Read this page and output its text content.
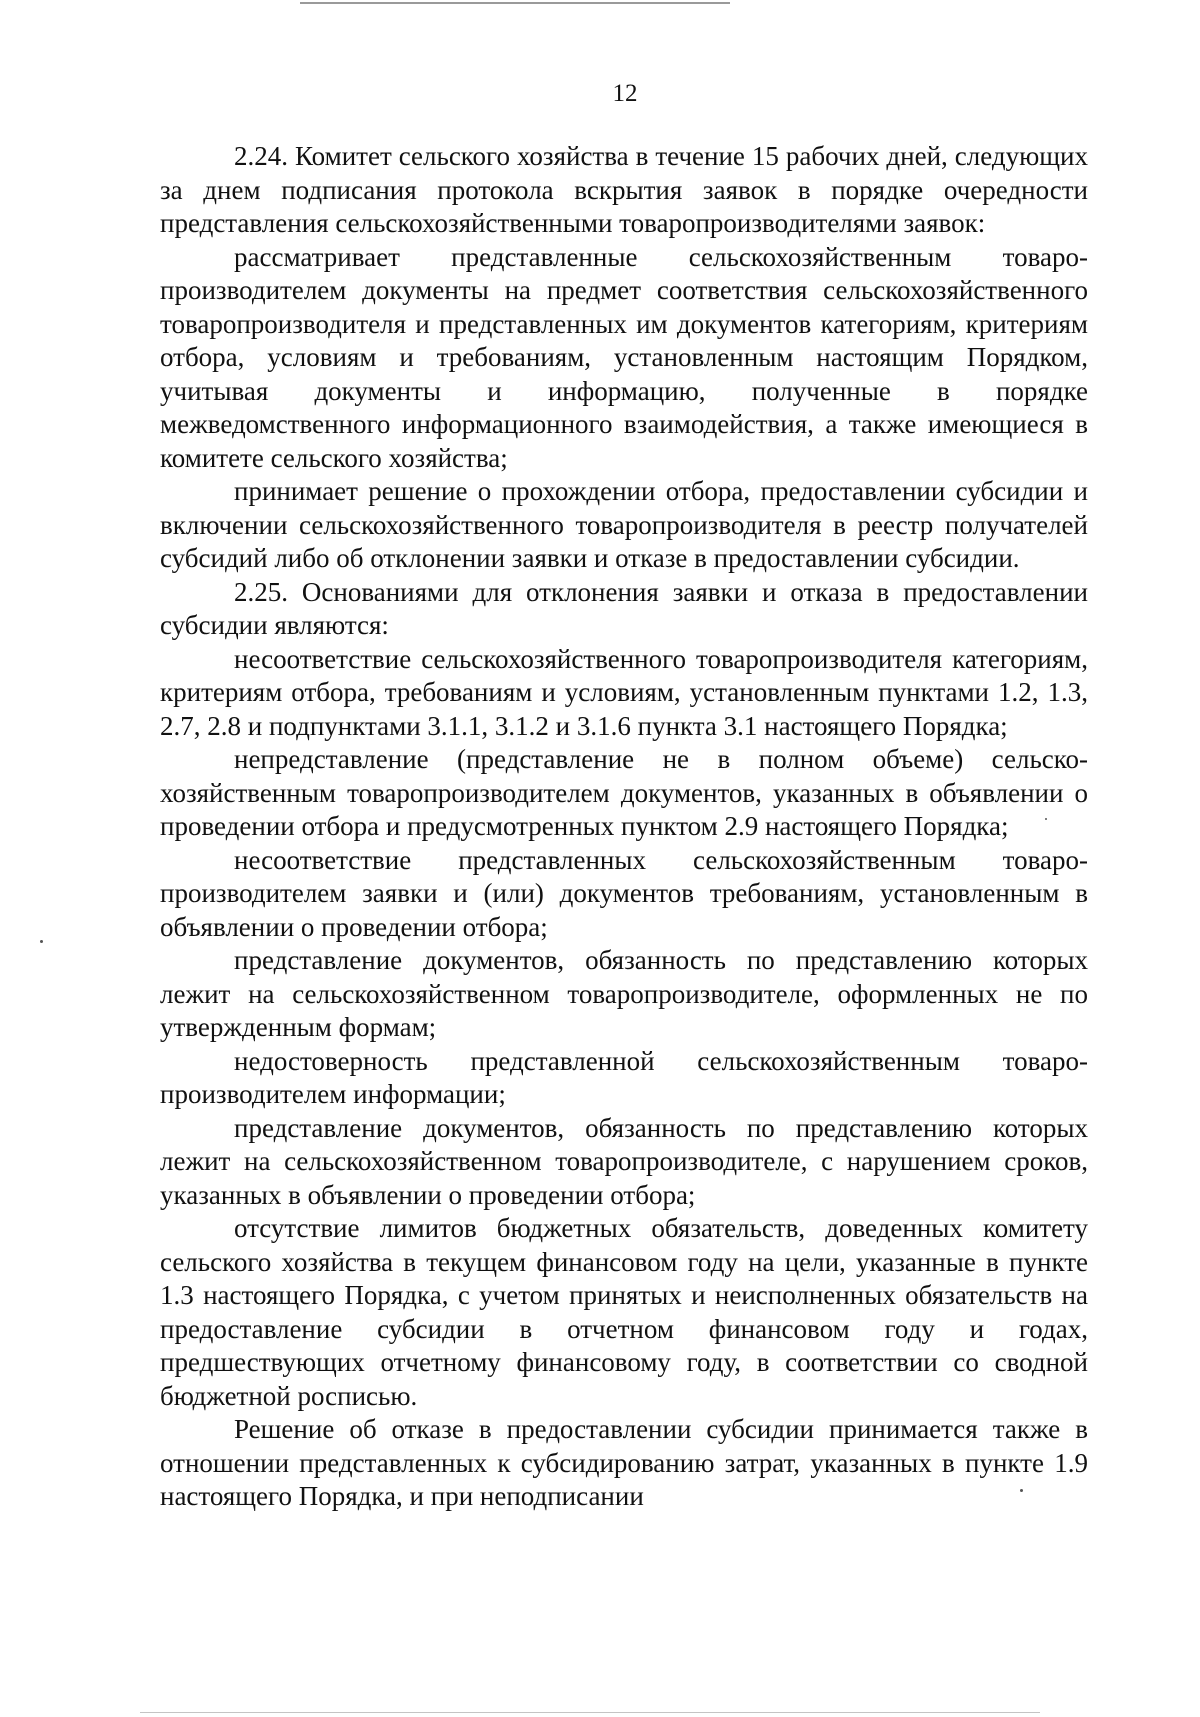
12

2.24. Комитет сельского хозяйства в течение 15 рабочих дней, следующих за днем подписания протокола вскрытия заявок в порядке очередности представления сельскохозяйственными товаропроизводителями заявок:

рассматривает представленные сельскохозяйственным товаропроизводителем документы на предмет соответствия сельскохозяйственного товаропроизводителя и представленных им документов категориям, критериям отбора, условиям и требованиям, установленным настоящим Порядком, учитывая документы и информацию, полученные в порядке межведомственного информационного взаимодействия, а также имеющиеся в комитете сельского хозяйства;

принимает решение о прохождении отбора, предоставлении субсидии и включении сельскохозяйственного товаропроизводителя в реестр получателей субсидий либо об отклонении заявки и отказе в предоставлении субсидии.

2.25. Основаниями для отклонения заявки и отказа в предоставлении субсидии являются:

несоответствие сельскохозяйственного товаропроизводителя категориям, критериям отбора, требованиям и условиям, установленным пунктами 1.2, 1.3, 2.7, 2.8 и подпунктами 3.1.1, 3.1.2 и 3.1.6 пункта 3.1 настоящего Порядка;

непредставление (представление не в полном объеме) сельскохозяйственным товаропроизводителем документов, указанных в объявлении о проведении отбора и предусмотренных пунктом 2.9 настоящего Порядка;

несоответствие представленных сельскохозяйственным товаропроизводителем заявки и (или) документов требованиям, установленным в объявлении о проведении отбора;

представление документов, обязанность по представлению которых лежит на сельскохозяйственном товаропроизводителе, оформленных не по утвержденным формам;

недостоверность представленной сельскохозяйственным товаропроизводителем информации;

представление документов, обязанность по представлению которых лежит на сельскохозяйственном товаропроизводителе, с нарушением сроков, указанных в объявлении о проведении отбора;

отсутствие лимитов бюджетных обязательств, доведенных комитету сельского хозяйства в текущем финансовом году на цели, указанные в пункте 1.3 настоящего Порядка, с учетом принятых и неисполненных обязательств на предоставление субсидии в отчетном финансовом году и годах, предшествующих отчетному финансовому году, в соответствии со сводной бюджетной росписью.

Решение об отказе в предоставлении субсидии принимается также в отношении представленных к субсидированию затрат, указанных в пункте 1.9 настоящего Порядка, и при неподписании
